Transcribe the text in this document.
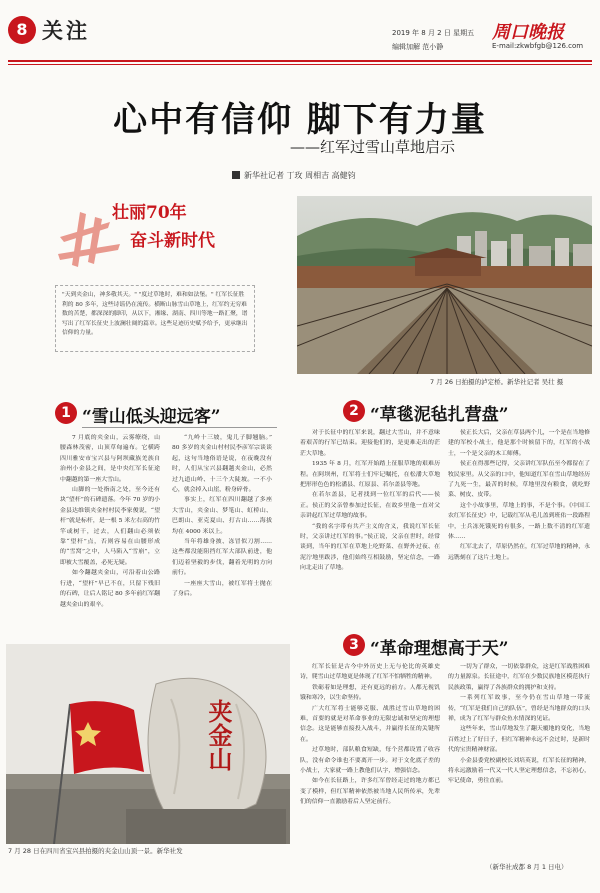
8 关注	2019 年 8 月 2 日 星期五 周口晚报
编辑加解 范小静	E-mail:zkwbfgb@126.com
心中有信仰 脚下有力量
——红军过雪山草地启示
新华社记者 丁玫 周相吉 高健钧
壮丽70年
奋斗新时代
"天到夹金山，神多敬其天。" "度过草地时，难和如法堡。" 红军长征胜利的 80 多年，这些诗谣仍在流传。横断山脉雪山草地上，红军约无穷难数的苦楚，都深深的脚印，从以下，湘缘、湖南、四川等地一路汇聚，谱写出了红军长征史上波澜壮阔的篇章。这些足迹历史赋予给予，更承继出信仰的力量。
7 月 26 日拍摄的泸定桥。新华社记者 吴壮 摄
1 “雪山低头迎远客”

7 月底的夹金山，云雾缭绕，山腰森林茂密，山顶草甸遍布。它横跨四川雅安市宝兴县与阿坝藏族羌族自治州小金县之间，是中央红军长征途中翻越的第一座大雪山。

山脚的一处指南之处，至今还有块“望杆”的石碑遗落。今年 70 岁的小金县达维镇夹金村村民李家俊说，“望杆”就是标杆，是一根 5 米左右高的竹竿或树干，过去，人们翻山必须依靠“望杆”点，否则容易在山腰形成的“雪窝”之中，人马陷入“雪崩”，立即被大雪覆盖，必死无疑。

如今翻越夹金山，可沿着山公路行进，“望杆”早已不在，只留下残旧的石碑，让后人铭记 80 多年前红军翻越夹金山的艰辛。

“九岭十三坡，鬼儿子脚翘脑。” 80 多岁的夹金山村村民李彦军宗谈谈起，这句当地俗语是说，在夜晚没有时，人们从宝兴县翻越夹金山，必然过九道山岭、十三个大陡坡。一不小心，就会掉入山崖，粉身碎骨。

事实上，红军在四川翻越了多座大雪山，夹金山、梦笔山、虹桥山、巴朗山、亚克夏山、打古山……海拔均在 4000 米以上。

当年将雄身披、冻冒似刀割……这些都没能阻挡红军大部队前进，他们迈着坚毅的步伐，翻着光明的方向前行。

一座座大雪山，被红军将士抛在了身后。

2 “草毯泥毡扎营盘”

对于长征中的红军来说，翻过大雪山，并不意味着艰苦的行军已结束。迎接他们的，是更难走出的茫茫大草地。

1935 年 8 月，红军开始踏上征服草地的艰难历程。在阿坝州，红军将士们牢记嘱托，在松潘大草地把形形色色的松潘县、红原县、若尔盖县等地。

在若尔盖县，记者找到一位红军的后代——侯正。侯正的父亲曾参加过长征，在故乡里他一直对父亲讲起红军过草地的故事。

“我的名字带有共产主义的含义，我说红军长征时，父亲讲过红军的事。”侯正说，父亲在世时，经常谈到，当年的红军在草地上吃野菜、在野外过夜、在泥泞地里跋涉，他们始终互相鼓励，坚定信念，一路向北走出了草地。

侯正长大后，父亲在草县两个儿，一个是在当地修建的军校小战士，他是那个时候留下的，红军的小战士，一个是父亲的木工师傅。

侯正在得那些记得，父亲讲红军队伍至今都留在了牧民家里。从父亲的口中，他知道红军在雪山草地经历了九死一生，最苦的时候，草地里没有粮食，就吃野菜、树皮、皮带。

这个小故事里，草地上的事，不是个事。《中国工农红军长征史》中，记载红军从毛儿盖到班佑一段路程中，士兵冻死饿死的有很多，一路上数不清的红军遗体……

红军北去了，草原仍然在，红军过草地的精神，永远镌刻在了这片土地上。

3 “革命理想高于天”
夹金山
7 月 28 日在四川省宝兴县拍摄的夹金山山顶一景。新华社发

红军长征是古今中外历史上无与伦比的英雄史诗，爬雪山过草地更是体现了红军不怕牺牲的精神。

铁砺着如是理想，还有更远的前方。人都无视饥饿和寒冷，以生命坚持。

广大红军将士能够克服、战胜过雪山草地的困难，首要的就是对革命事业的无限忠诚和坚定的理想信念。这是能够直接投入战斗，并赢得长征的关键所在。

过草地时，部队粮食短缺，每个营都设置了收容队，没有命令谁也不要离开一步。对于文化底子差的小战士，大家就一路上教他们认字，增强信念。

如今在长征路上，许多红军曾经走过的地方都已变了模样，但红军精神依然被当地人民所传承，先辈们的信仰一直激励着后人坚定前行。

一切为了群众，一切依靠群众，这是红军战胜困难的力量源泉。长征途中，红军在少数民族地区模范执行民族政策，赢得了各族群众的拥护和支持。

一系列红军故事，至今仍在雪山草地一带流传，“红军是我们自己的队伍”，曾经是当地群众的口头禅，成为了红军与群众鱼水情深的见证。

这些年来，雪山草地发生了翻天覆地的变化，当地百姓过上了好日子，但红军精神永远不会过时，是新时代的宝贵精神财富。

小金县委党校副校长刘培英说，红军长征的精神，将永远激励着一代又一代人坚定理想信念，不忘初心，牢记使命，勇往直前。

（新华社成都 8 月 1 日电）
